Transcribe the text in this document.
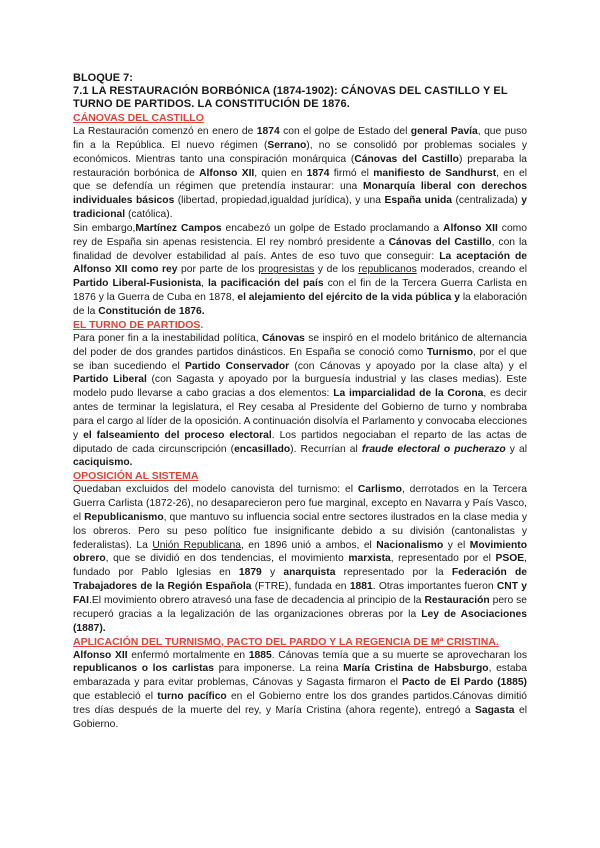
BLOQUE 7:
7.1 LA RESTAURACIÓN BORBÓNICA (1874-1902): CÁNOVAS DEL CASTILLO Y EL TURNO DE PARTIDOS. LA CONSTITUCIÓN DE 1876.
CÁNOVAS DEL CASTILLO

La Restauración comenzó en enero de 1874 con el golpe de Estado del general Pavía, que puso fin a la República. El nuevo régimen (Serrano), no se consolidó por problemas sociales y económicos. Mientras tanto una conspiración monárquica (Cánovas del Castillo) preparaba la restauración borbónica de Alfonso XII, quien en 1874 firmó el manifiesto de Sandhurst, en el que se defendía un régimen que pretendía instaurar: una Monarquía liberal con derechos individuales básicos (libertad, propiedad,igualdad jurídica), y una España unida (centralizada) y tradicional (católica).

Sin embargo,Martínez Campos encabezó un golpe de Estado proclamando a Alfonso XII como rey de España sin apenas resistencia. El rey nombró presidente a Cánovas del Castillo, con la finalidad de devolver estabilidad al país. Antes de eso tuvo que conseguir: La aceptación de Alfonso XII como rey por parte de los progresistas y de los republicanos moderados, creando el Partido Liberal-Fusionista, la pacificación del país con el fin de la Tercera Guerra Carlista en 1876 y la Guerra de Cuba en 1878, el alejamiento del ejército de la vida pública y la elaboración de la Constitución de 1876.

EL TURNO DE PARTIDOS.

Para poner fin a la inestabilidad política, Cánovas se inspiró en el modelo británico de alternancia del poder de dos grandes partidos dinásticos. En España se conoció como Turnismo, por el que se iban sucediendo el Partido Conservador (con Cánovas y apoyado por la clase alta) y el Partido Liberal (con Sagasta y apoyado por la burguesía industrial y las clases medias). Este modelo pudo llevarse a cabo gracias a dos elementos: La imparcialidad de la Corona, es decir antes de terminar la legislatura, el Rey cesaba al Presidente del Gobierno de turno y nombraba para el cargo al líder de la oposición. A continuación disolvía el Parlamento y convocaba elecciones y el falseamiento del proceso electoral. Los partidos negociaban el reparto de las actas de diputado de cada circunscripción (encasillado). Recurrían al fraude electoral o pucherazo y al caciquismo.

OPOSICIÓN AL SISTEMA

Quedaban excluidos del modelo canovista del turnismo: el Carlismo, derrotados en la Tercera Guerra Carlista (1872-26), no desaparecieron pero fue marginal, excepto en Navarra y País Vasco, el Republicanismo, que mantuvo su influencia social entre sectores ilustrados en la clase media y los obreros. Pero su peso político fue insignificante debido a su división (cantonalistas y federalistas). La Unión Republicana, en 1896 unió a ambos, el Nacionalismo y el Movimiento obrero, que se dividió en dos tendencias, el movimiento marxista, representado por el PSOE, fundado por Pablo Iglesias en 1879 y anarquista representado por la Federación de Trabajadores de la Región Española (FTRE), fundada en 1881. Otras importantes fueron CNT y FAI.El movimiento obrero atravesó una fase de decadencia al principio de la Restauración pero se recuperó gracias a la legalización de las organizaciones obreras por la Ley de Asociaciones (1887).

APLICACIÓN DEL TURNISMO, PACTO DEL PARDO Y LA REGENCIA DE Mª CRISTINA.

Alfonso XII enfermó mortalmente en 1885. Cánovas temía que a su muerte se aprovecharan los republicanos o los carlistas para imponerse. La reina María Cristina de Habsburgo, estaba embarazada y para evitar problemas, Cánovas y Sagasta firmaron el Pacto de El Pardo (1885) que estableció el turno pacífico en el Gobierno entre los dos grandes partidos.Cánovas dimitió tres días después de la muerte del rey, y María Cristina (ahora regente), entregó a Sagasta el Gobierno.
